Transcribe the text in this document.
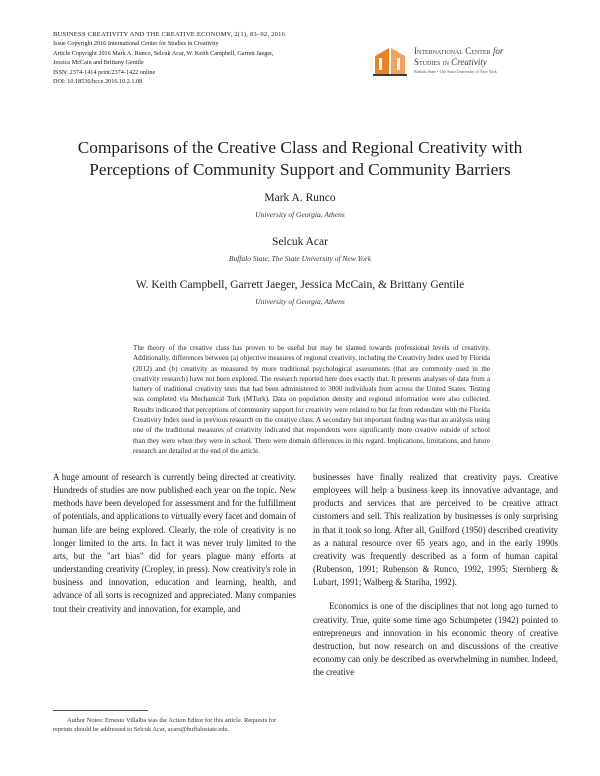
BUSINESS CREATIVITY AND THE CREATIVE ECONOMY, 2(1), 83–92, 2016
Issue Copyright 2016 International Center for Studies in Creativity
Article Copyright 2016 Mark A. Runco, Selcuk Acar, W. Keith Campbell, Garrett Jaeger,
Jessica McCain and Brittany Gentile
ISSN: 2374-1414 print/2374-1422 online
DOI: 10.18536/bcce.2016.10.2.1.08
International Center for
Studies in Creativity
Buffalo State • The State University of New York
Comparisons of the Creative Class and Regional Creativity with
Perceptions of Community Support and Community Barriers
Mark A. Runco
University of Georgia, Athens
Selcuk Acar
Buffalo State, The State University of New York
W. Keith Campbell, Garrett Jaeger, Jessica McCain, & Brittany Gentile
University of Georgia, Athens
The theory of the creative class has proven to be useful but may be slanted towards professional levels of creativity. Additionally, differences between (a) objective measures of regional creativity, including the Creativity Index used by Florida (2012) and (b) creativity as measured by more traditional psychological assessments (that are commonly used in the creativity research) have not been explored. The research reported here does exactly that. It presents analyses of data from a battery of traditional creativity tests that had been administered to 3000 individuals from across the United States. Testing was completed via Mechanical Turk (MTurk). Data on population density and regional information were also collected. Results indicated that perceptions of community support for creativity were related to but far from redundant with the Florida Creativity Index used in previous research on the creative class. A secondary but important finding was that an analysis using one of the traditional measures of creativity indicated that respondents were significantly more creative outside of school than they were when they were in school. There were domain differences in this regard. Implications, limitations, and future research are detailed at the end of the article.

A huge amount of research is currently being directed at creativity. Hundreds of studies are now published each year on the topic. New methods have been developed for assessment and for the fulfillment of potentials, and applications to virtually every facet and domain of human life are being explored. Clearly, the role of creativity is no longer limited to the arts. In fact it was never truly limited to the arts, but the "art bias" did for years plague many efforts at understanding creativity (Cropley, in press). Now creativity's role in business and innovation, education and learning, health, and advance of all sorts is recognized and appreciated. Many companies tout their creativity and innovation, for example, and

businesses have finally realized that creativity pays. Creative employees will help a business keep its innovative advantage, and products and services that are perceived to be creative attract customers and sell. This realization by businesses is only surprising in that it took so long. After all, Guilford (1950) described creativity as a natural resource over 65 years ago, and in the early 1990s creativity was frequently described as a form of human capital (Rubenson, 1991; Rubenson & Runco, 1992, 1995; Sternberg & Lubart, 1991; Walberg & Stariha, 1992).

Economics is one of the disciplines that not long ago turned to creativity. True, quite some time ago Schumpeter (1942) pointed to entrepreneurs and innovation in his economic theory of creative destruction, but now research on and discussions of the creative economy can only be described as overwhelming in number. Indeed, the creative

Author Notes: Ernesto Villalba was the Action Editor for this article. Requests for reprints should be addressed to Selcuk Acar, acars@buffalostate.edu.
